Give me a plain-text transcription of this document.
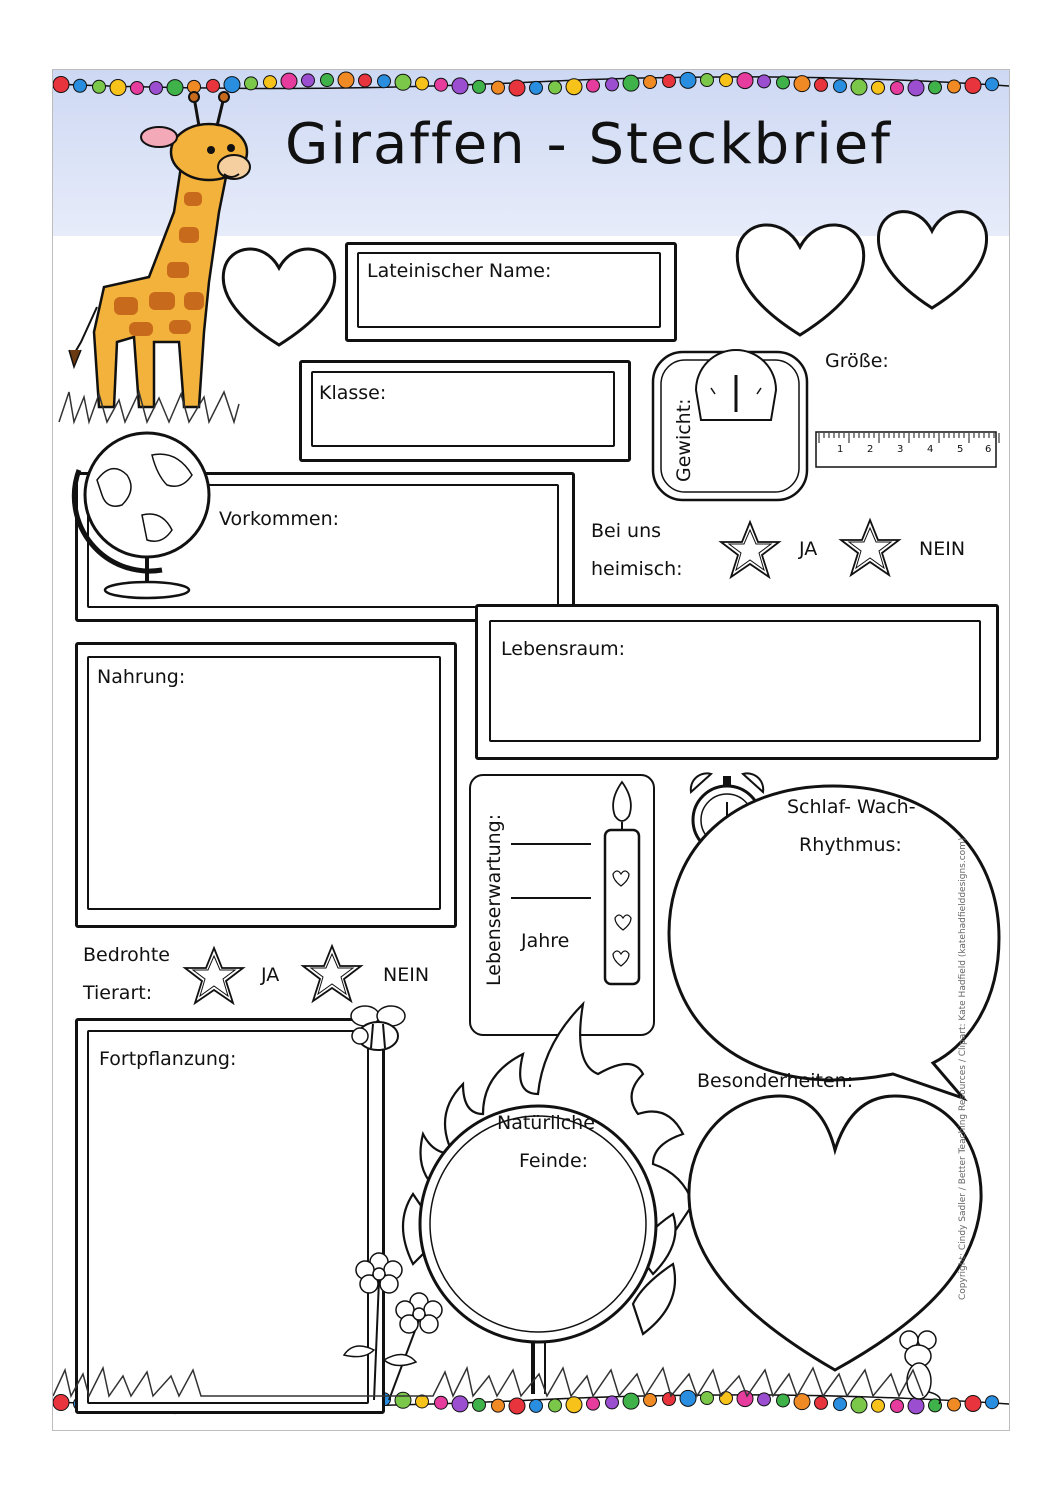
Giraffen - Steckbrief
Lateinischer Name:
Klasse:
Gewicht:
Größe:
1 2 3 4 5 6
Vorkommen:
Bei uns
heimisch:
JA	NEIN
Lebensraum:
Nahrung:
Lebenserwartung: Jahre
Bedrohte
Tierart:
JA	NEIN
Schlaf- Wach-
Rhythmus:
Fortpflanzung:
Natürliche
Feinde:
Besonderheiten:	Copyright: Cindy Sadler / Better Teaching Resources / Clipart: Kate Hadfield (katehadfielddesigns.com)
